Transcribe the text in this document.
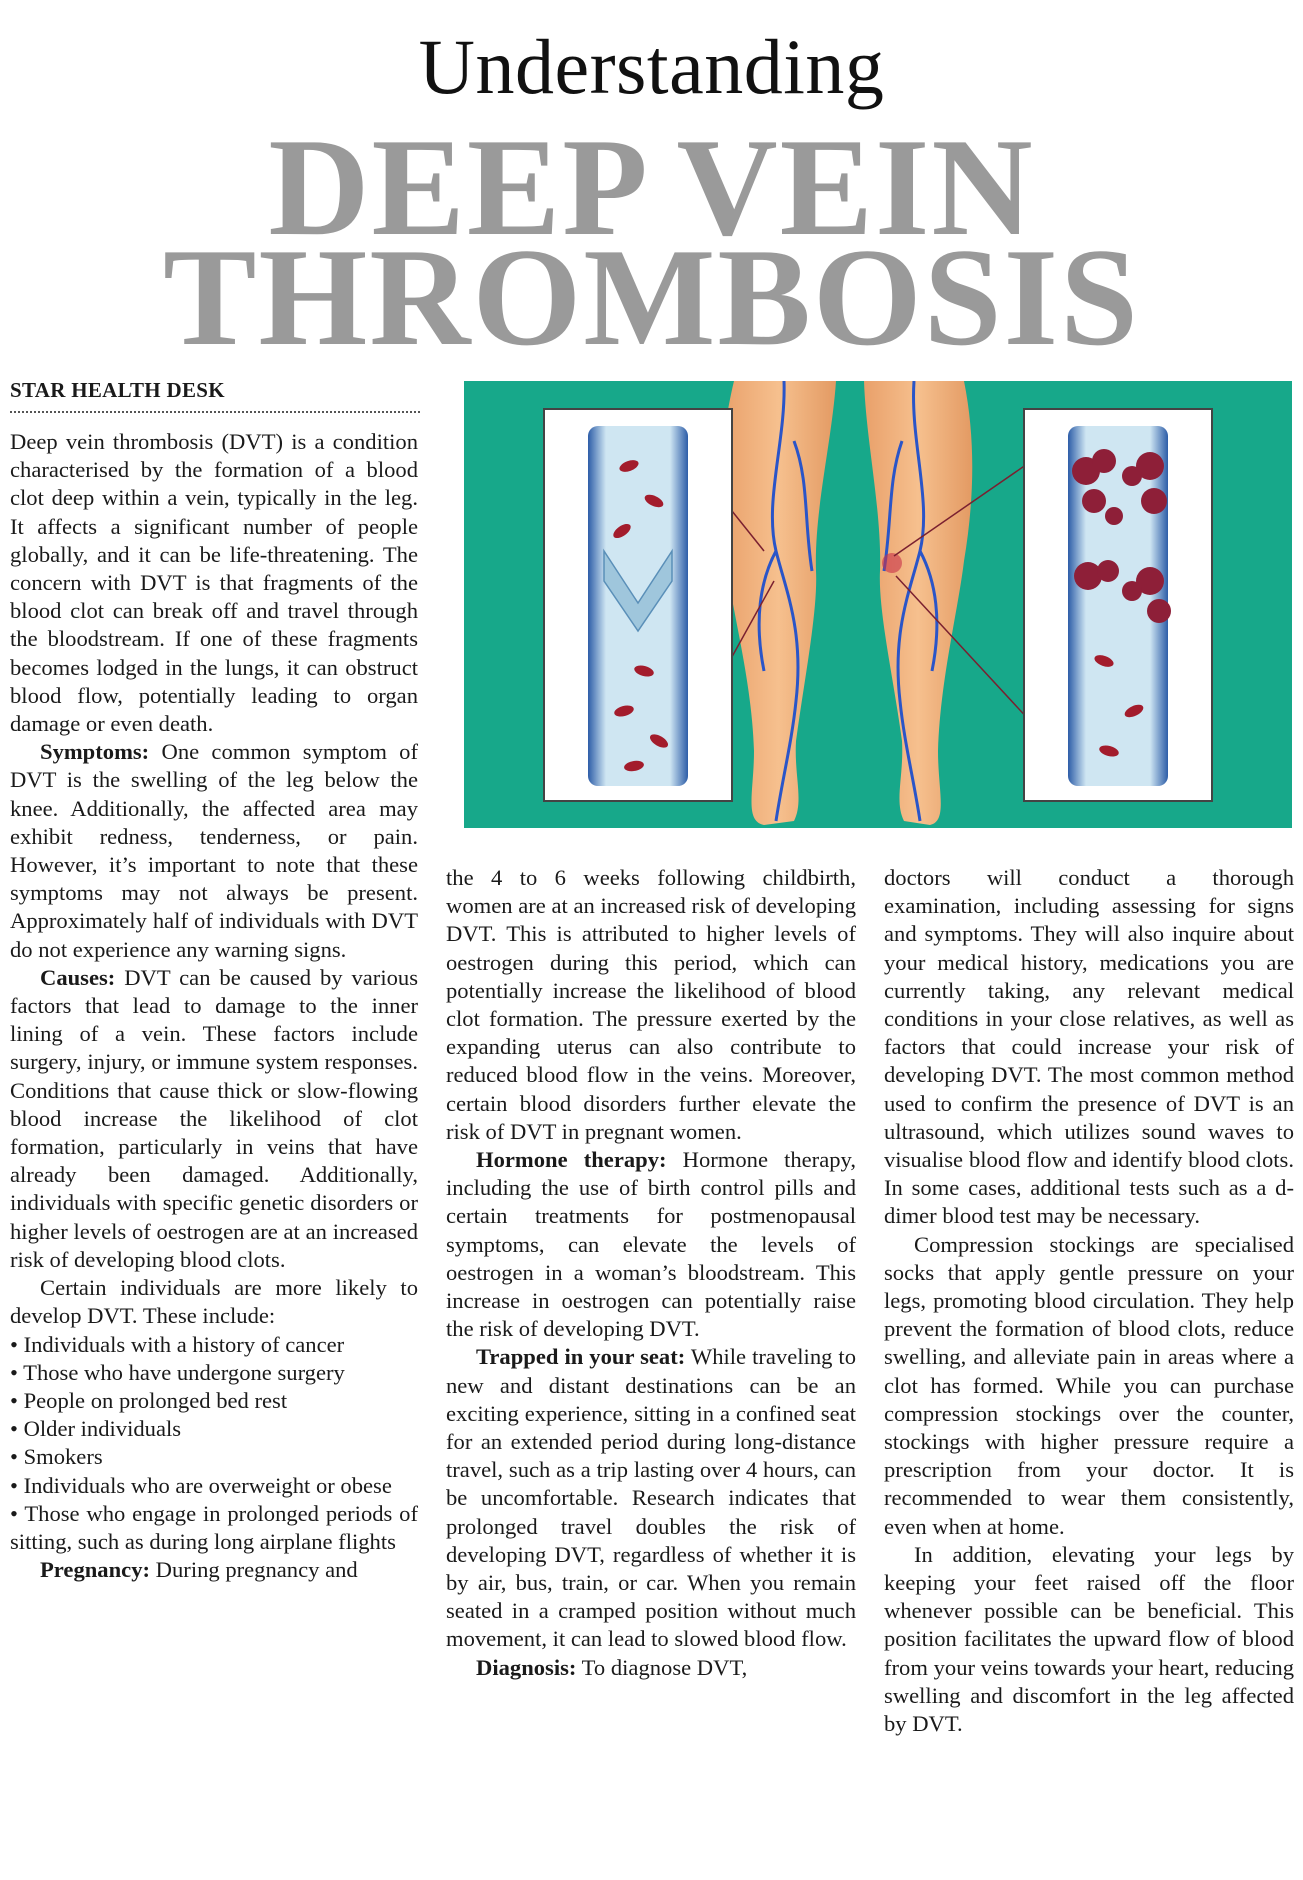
Understanding
DEEP VEIN
THROMBOSIS
STAR HEALTH DESK

Deep vein thrombosis (DVT) is a condition characterised by the formation of a blood clot deep within a vein, typically in the leg. It affects a significant number of people globally, and it can be life-threatening. The concern with DVT is that fragments of the blood clot can break off and travel through the bloodstream. If one of these fragments becomes lodged in the lungs, it can obstruct blood flow, potentially leading to organ damage or even death.

Symptoms: One common symptom of DVT is the swelling of the leg below the knee. Additionally, the affected area may exhibit redness, tenderness, or pain. However, it’s important to note that these symptoms may not always be present. Approximately half of individuals with DVT do not experience any warning signs.

Causes: DVT can be caused by various factors that lead to damage to the inner lining of a vein. These factors include surgery, injury, or immune system responses. Conditions that cause thick or slow-flowing blood increase the likelihood of clot formation, particularly in veins that have already been damaged. Additionally, individuals with specific genetic disorders or higher levels of oestrogen are at an increased risk of developing blood clots.

Certain individuals are more likely to develop DVT. These include:

• Individuals with a history of cancer

• Those who have undergone surgery

• People on prolonged bed rest

• Older individuals

• Smokers

• Individuals who are overweight or obese

• Those who engage in prolonged periods of sitting, such as during long airplane flights

Pregnancy: During pregnancy and

the 4 to 6 weeks following childbirth, women are at an increased risk of developing DVT. This is attributed to higher levels of oestrogen during this period, which can potentially increase the likelihood of blood clot formation. The pressure exerted by the expanding uterus can also contribute to reduced blood flow in the veins. Moreover, certain blood disorders further elevate the risk of DVT in pregnant women.

Hormone therapy: Hormone therapy, including the use of birth control pills and certain treatments for postmenopausal symptoms, can elevate the levels of oestrogen in a woman’s bloodstream. This increase in oestrogen can potentially raise the risk of developing DVT.

Trapped in your seat: While traveling to new and distant destinations can be an exciting experience, sitting in a confined seat for an extended period during long-distance travel, such as a trip lasting over 4 hours, can be uncomfortable. Research indicates that prolonged travel doubles the risk of developing DVT, regardless of whether it is by air, bus, train, or car. When you remain seated in a cramped position without much movement, it can lead to slowed blood flow.

Diagnosis: To diagnose DVT,

doctors will conduct a thorough examination, including assessing for signs and symptoms. They will also inquire about your medical history, medications you are currently taking, any relevant medical conditions in your close relatives, as well as factors that could increase your risk of developing DVT. The most common method used to confirm the presence of DVT is an ultrasound, which utilizes sound waves to visualise blood flow and identify blood clots. In some cases, additional tests such as a d-dimer blood test may be necessary.

Compression stockings are specialised socks that apply gentle pressure on your legs, promoting blood circulation. They help prevent the formation of blood clots, reduce swelling, and alleviate pain in areas where a clot has formed. While you can purchase compression stockings over the counter, stockings with higher pressure require a prescription from your doctor. It is recommended to wear them consistently, even when at home.

In addition, elevating your legs by keeping your feet raised off the floor whenever possible can be beneficial. This position facilitates the upward flow of blood from your veins towards your heart, reducing swelling and discomfort in the leg affected by DVT.
